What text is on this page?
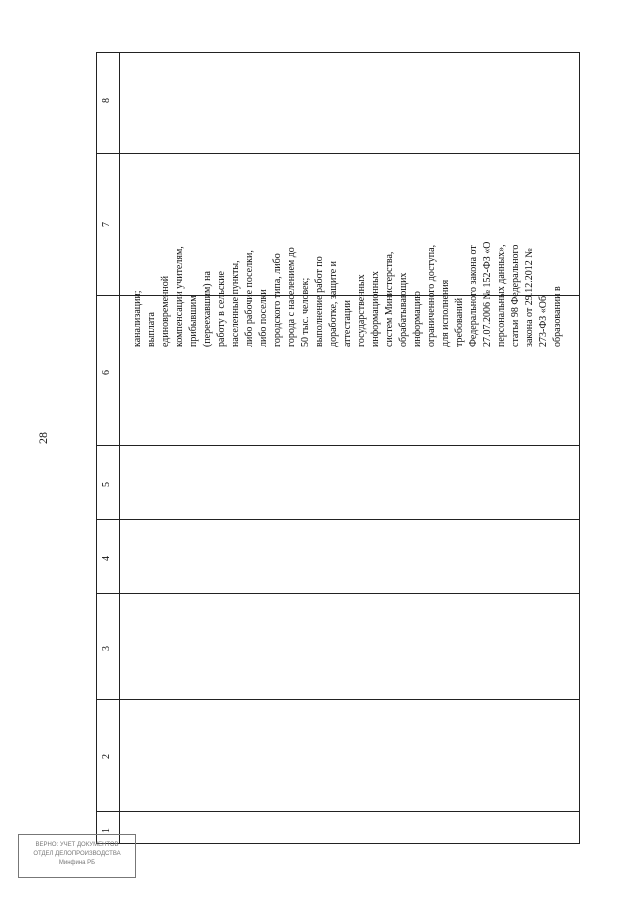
28
8
7
6
5
4
3
2
1
канализации; выплата единовременной компенсации учителям, прибывшим (переехавшим) на работу в сельские населенные пункты, либо рабочие поселки, либо поселки городского типа, либо города с населением до 50 тыс. человек; выполнение работ по доработке, защите и аттестации государственных информационных систем Министерства, обрабатывающих информацию ограниченного доступа, для исполнения требований Федерального закона от 27.07.2006 № 152-ФЗ «О персональных данных», статьи 98 Федерального закона от 29.12.2012 № 273-ФЗ «Об образовании в
ВЕРНО: УЧЕТ ДОКУМЕНТОВ
ОТДЕЛ ДЕЛОПРОИЗВОДСТВА
Минфина РБ
